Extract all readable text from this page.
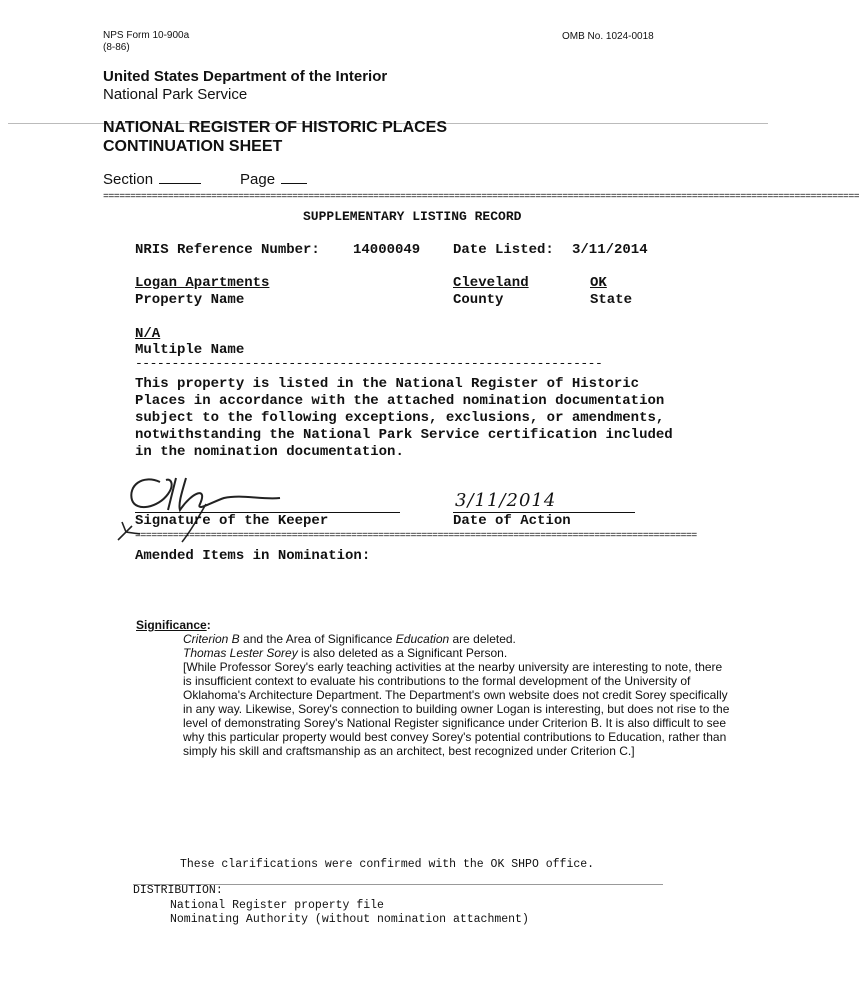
NPS Form 10-900a
(8-86)
OMB No. 1024-0018
United States Department of the Interior
National Park Service
NATIONAL REGISTER OF HISTORIC PLACES
CONTINUATION SHEET
Section	Page
============================================================================================================================================
SUPPLEMENTARY LISTING RECORD
NRIS Reference Number: 14000049 Date Listed: 3/11/2014
Logan Apartments
Property Name
Cleveland
County
OK
State
N/A
Multiple Name
----------------------------------------------------------------
This property is listed in the National Register of Historic
Places in accordance with the attached nomination documentation
subject to the following exceptions, exclusions, or amendments,
notwithstanding the National Park Service certification included
in the nomination documentation.
Signature of the Keeper
3/11/2014
Date of Action
========================================================================================================
Amended Items in Nomination:
Significance:
Criterion B and the Area of Significance Education are deleted.
Thomas Lester Sorey is also deleted as a Significant Person.
[While Professor Sorey's early teaching activities at the nearby university are interesting to note, there is insufficient context to evaluate his contributions to the formal development of the University of Oklahoma's Architecture Department. The Department's own website does not credit Sorey specifically in any way. Likewise, Sorey's connection to building owner Logan is interesting, but does not rise to the level of demonstrating Sorey's National Register significance under Criterion B. It is also difficult to see why this particular property would best convey Sorey's potential contributions to Education, rather than simply his skill and craftsmanship as an architect, best recognized under Criterion C.]
These clarifications were confirmed with the OK SHPO office.
DISTRIBUTION:
National Register property file
Nominating Authority (without nomination attachment)
